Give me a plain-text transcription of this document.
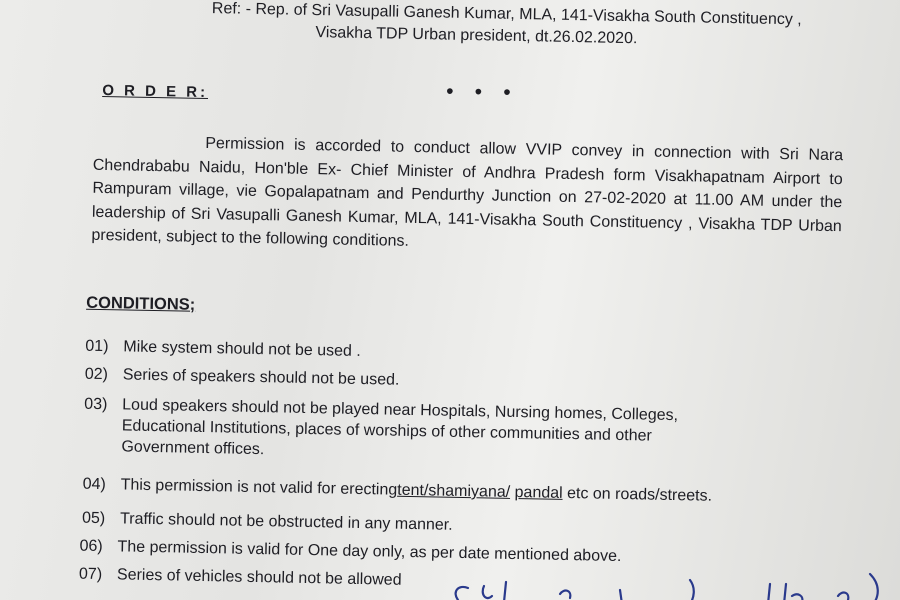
Ref: - Rep. of Sri Vasupalli Ganesh Kumar, MLA, 141-Visakha South Constituency ,
Visakha TDP Urban president, dt.26.02.2020.
• • •
O R D E R:
Permission is accorded to conduct allow VVIP convey in connection with Sri Nara Chendrababu Naidu, Hon'ble Ex- Chief Minister of Andhra Pradesh form Visakhapatnam Airport to Rampuram village, vie Gopalapatnam and Pendurthy Junction on 27-02-2020 at 11.00 AM under the leadership of Sri Vasupalli Ganesh Kumar, MLA, 141-Visakha South Constituency , Visakha TDP Urban president, subject to the following conditions.
CONDITIONS;
01) Mike system should not be used .
02) Series of speakers should not be used.
03) Loud speakers should not be played near Hospitals, Nursing homes, Colleges, Educational Institutions, places of worships of other communities and other Government offices.
04) This permission is not valid for erectingtent/shamiyana/ pandal etc on roads/streets.
05) Traffic should not be obstructed in any manner.
06) The permission is valid for One day only, as per date mentioned above.
07) Series of vehicles should not be allowed
